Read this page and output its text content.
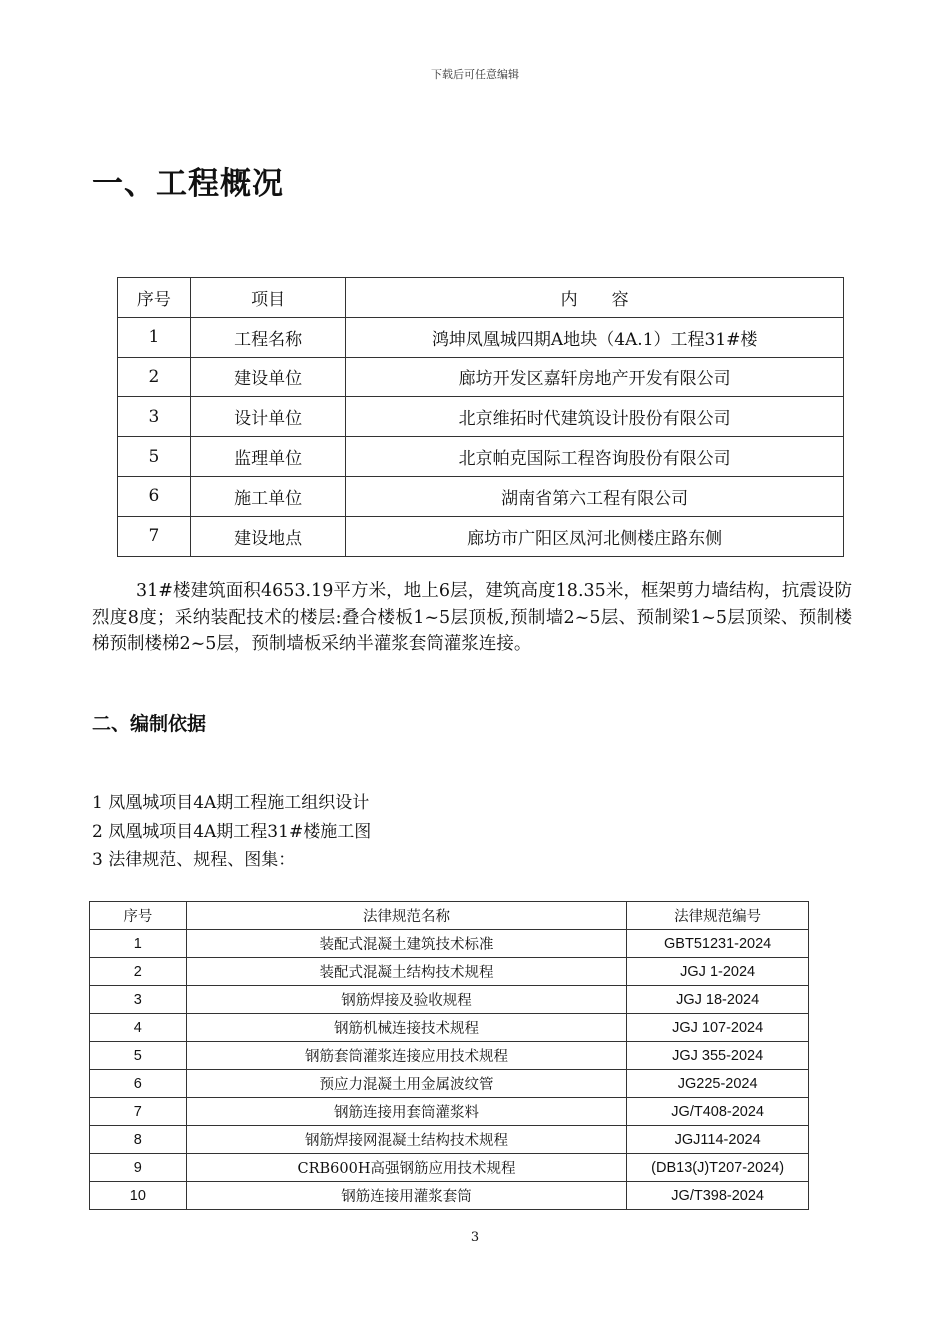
下载后可任意编辑
一、工程概况
序号	项目	内　　容
1	工程名称	鸿坤凤凰城四期A地块（4A.1）工程31#楼
2	建设单位	廊坊开发区嘉轩房地产开发有限公司
3	设计单位	北京维拓时代建筑设计股份有限公司
5	监理单位	北京帕克国际工程咨询股份有限公司
6	施工单位	湖南省第六工程有限公司
7	建设地点	廊坊市广阳区凤河北侧楼庄路东侧
31#楼建筑面积4653.19平方米，地上6层，建筑高度18.35米，框架剪力墙结构，抗震设防烈度8度；采纳装配技术的楼层:叠合楼板1~5层顶板,预制墙2~5层、预制梁1~5层顶梁、预制楼梯预制楼梯2~5层，预制墙板采纳半灌浆套筒灌浆连接。
二、编制依据
1 凤凰城项目4A期工程施工组织设计
2 凤凰城项目4A期工程31#楼施工图
3 法律规范、规程、图集：
序号	法律规范名称	法律规范编号
1	装配式混凝土建筑技术标准	GBT51231-2024
2	装配式混凝土结构技术规程	JGJ 1-2024
3	钢筋焊接及验收规程	JGJ 18-2024
4	钢筋机械连接技术规程	JGJ 107-2024
5	钢筋套筒灌浆连接应用技术规程	JGJ 355-2024
6	预应力混凝土用金属波纹管	JG225-2024
7	钢筋连接用套筒灌浆料	JG/T408-2024
8	钢筋焊接网混凝土结构技术规程	JGJ114-2024
9	CRB600H高强钢筋应用技术规程	(DB13(J)T207-2024)
10	钢筋连接用灌浆套筒	JG/T398-2024
3
